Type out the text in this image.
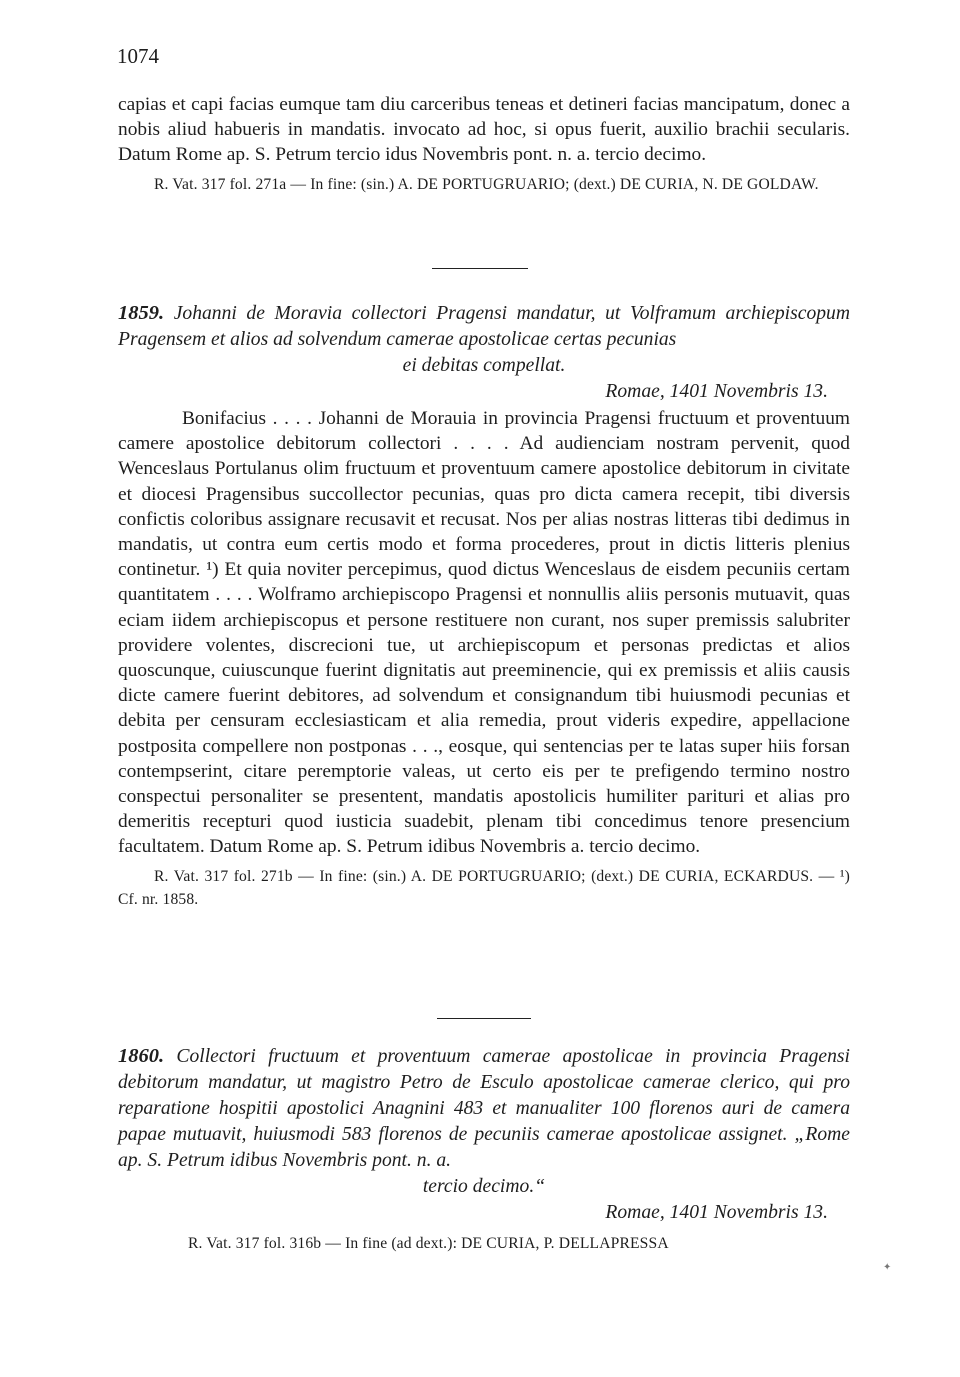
1074

capias et capi facias eumque tam diu carceribus teneas et detineri facias mancipatum, donec a nobis aliud habueris in mandatis. invocato ad hoc, si opus fuerit, auxilio brachii secularis. Datum Rome ap. S. Petrum tercio idus Novembris pont. n. a. tercio decimo.

R. Vat. 317 fol. 271a — In fine: (sin.) A. DE PORTUGRUARIO; (dext.) DE CURIA, N. DE GOLDAW.

1859. Johanni de Moravia collectori Pragensi mandatur, ut Volframum archiepiscopum Pragensem et alios ad solvendum camerae apostolicae certas pecunias
ei debitas compellat.

Romae, 1401 Novembris 13.

Bonifacius . . . . Johanni de Morauia in provincia Pragensi fructuum et proventuum camere apostolice debitorum collectori . . . . Ad audienciam nostram pervenit, quod Wenceslaus Portulanus olim fructuum et proventuum camere apostolice debitorum in civitate et diocesi Pragensibus succollector pecunias, quas pro dicta camera recepit, tibi diversis confictis coloribus assignare recusavit et recusat. Nos per alias nostras litteras tibi dedimus in mandatis, ut contra eum certis modo et forma procederes, prout in dictis litteris plenius continetur. ¹) Et quia noviter percepimus, quod dictus Wenceslaus de eisdem pecuniis certam quantitatem . . . . Wolframo archiepiscopo Pragensi et nonnullis aliis personis mutuavit, quas eciam iidem archiepiscopus et persone restituere non curant, nos super premissis salubriter providere volentes, discrecioni tue, ut archiepiscopum et personas predictas et alios quoscunque, cuiuscunque fuerint dignitatis aut preeminencie, qui ex premissis et aliis causis dicte camere fuerint debitores, ad solvendum et consignandum tibi huiusmodi pecunias et debita per censuram ecclesiasticam et alia remedia, prout videris expedire, appellacione postposita compellere non postponas . . ., eosque, qui sentencias per te latas super hiis forsan contempserint, citare peremptorie valeas, ut certo eis per te prefigendo termino nostro conspectui personaliter se presentent, mandatis apostolicis humiliter parituri et alias pro demeritis recepturi quod iusticia suadebit, plenam tibi concedimus tenore presencium facultatem. Datum Rome ap. S. Petrum idibus Novembris a. tercio decimo.

R. Vat. 317 fol. 271b — In fine: (sin.) A. DE PORTUGRUARIO; (dext.) DE CURIA, ECKARDUS. — ¹) Cf. nr. 1858.

1860. Collectori fructuum et proventuum camerae apostolicae in provincia Pragensi debitorum mandatur, ut magistro Petro de Esculo apostolicae camerae clerico, qui pro reparatione hospitii apostolici Anagnini 483 et manualiter 100 florenos auri de camera papae mutuavit, huiusmodi 583 florenos de pecuniis camerae apostolicae assignet. „Rome ap. S. Petrum idibus Novembris pont. n. a.
tercio decimo.“

Romae, 1401 Novembris 13.

R. Vat. 317 fol. 316b — In fine (ad dext.): DE CURIA, P. DELLAPRESSA

✦
